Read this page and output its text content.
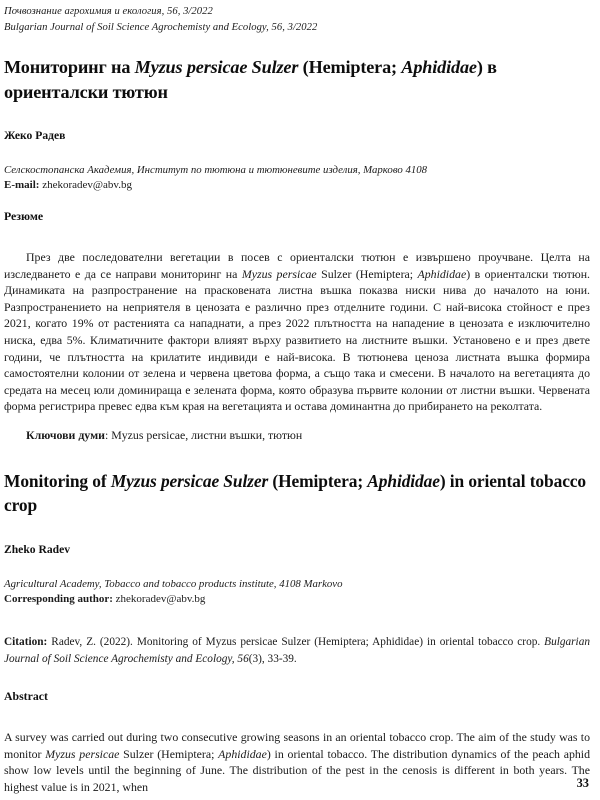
Почвознание агрохимия и екология, 56, 3/2022
Bulgarian Journal of Soil Science Agrochemisty and Ecology, 56, 3/2022
Мониторинг на Myzus persicae Sulzer (Hemiptera; Aphididae) в ориенталски тютюн
Жеко Радев
Селскостопанска Академия, Институт по тютюна и тютюневите изделия, Марково 4108
E-mail: zhekoradev@abv.bg
Резюме

През две последователни вегетации в посев с ориенталски тютюн е извършено проучване. Целта на изследването е да се направи мониторинг на Myzus persicae Sulzer (Hemiptera; Aphididae) в ориенталски тютюн. Динамиката на разпространение на прасковената листна въшка показва ниски нива до началото на юни. Разпространението на неприятеля в ценозата е различно през отделните години. С най-висока стойност е през 2021, когато 19% от растенията са нападнати, а през 2022 плътността на нападение в ценозата е изключително ниска, едва 5%. Климатичните фактори влияят върху развитието на листните въшки. Установено е и през двете години, че плътността на крилатите индивиди е най-висока. В тютюнева ценоза листната въшка формира самостоятелни колонии от зелена и червена цветова форма, а също така и смесени. В началото на вегетацията до средата на месец юли доминираща е зелената форма, която образува първите колонии от листни въшки. Червената форма регистрира превес едва към края на вегетацията и остава доминантна до прибирането на реколтата.

Ключови думи: Myzus persicae, листни въшки, тютюн
Monitoring of Myzus persicae Sulzer (Hemiptera; Aphididae) in oriental tobacco crop
Zheko Radev
Agricultural Academy, Tobacco and tobacco products institute, 4108 Markovo
Corresponding author: zhekoradev@abv.bg

Citation: Radev, Z. (2022). Monitoring of Myzus persicae Sulzer (Hemiptera; Aphididae) in oriental tobacco crop. Bulgarian Journal of Soil Science Agrochemisty and Ecology, 56(3), 33-39.

Abstract

A survey was carried out during two consecutive growing seasons in an oriental tobacco crop. The aim of the study was to monitor Myzus persicae Sulzer (Hemiptera; Aphididae) in oriental tobacco. The distribution dynamics of the peach aphid show low levels until the beginning of June. The distribution of the pest in the cenosis is different in both years. The highest value is in 2021, when	33
